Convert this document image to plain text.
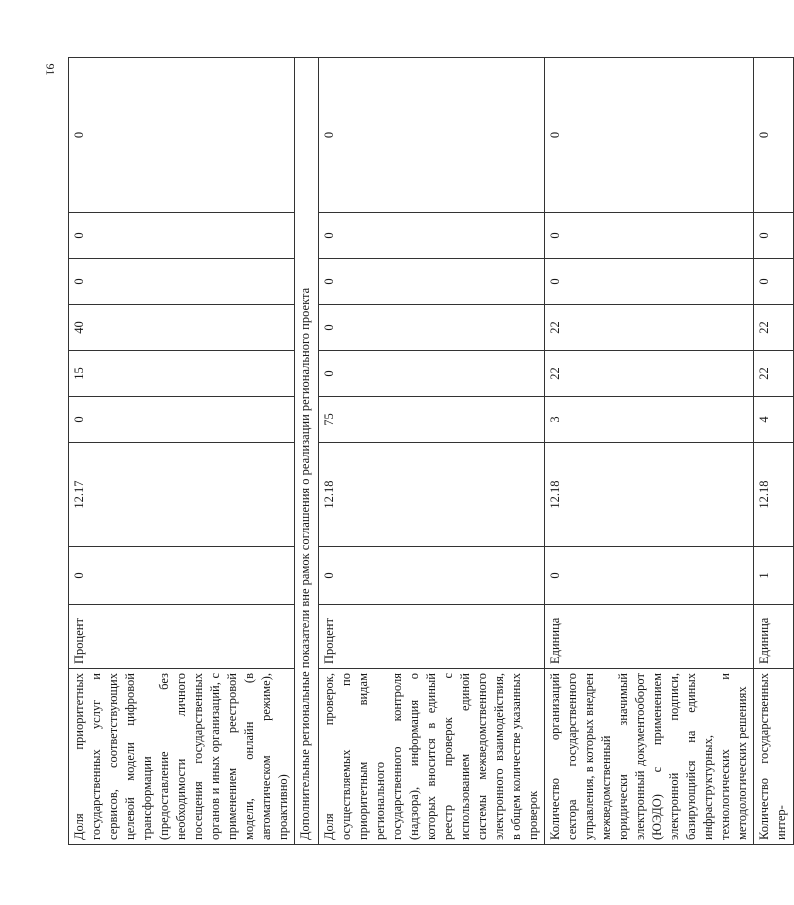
91
Доля приоритетных государственных услуг и сервисов, соответствующих целевой модели цифровой трансформации (предоставление без необходимости личного посещения государственных органов и иных организаций, с применением реестровой модели, онлайн (в автоматическом режиме), проактивно)	Процент	0	12.17	0	15	40	0	0	0
Дополнительные региональные показатели вне рамок соглашения о реализации регионального проекта									
Доля проверок, осуществляемых по приоритетным видам регионального государственного контроля (надзора), информация о которых вносится в единый реестр проверок с использованием единой системы межведомственного электронного взаимодействия, в общем количестве указанных проверок	Процент	0	12.18	75	0	0	0	0	0
Количество организаций сектора государственного управления, в которых внедрен межведомственный юридически значимый электронный документооборот (ЮЭДО) с применением электронной подписи, базирующийся на единых инфраструктурных, технологических и методологических решениях	Единица	0	12.18	3	22	22	0	0	0
Количество государственных интер-	Единица	1	12.18	4	22	22	0	0	0
